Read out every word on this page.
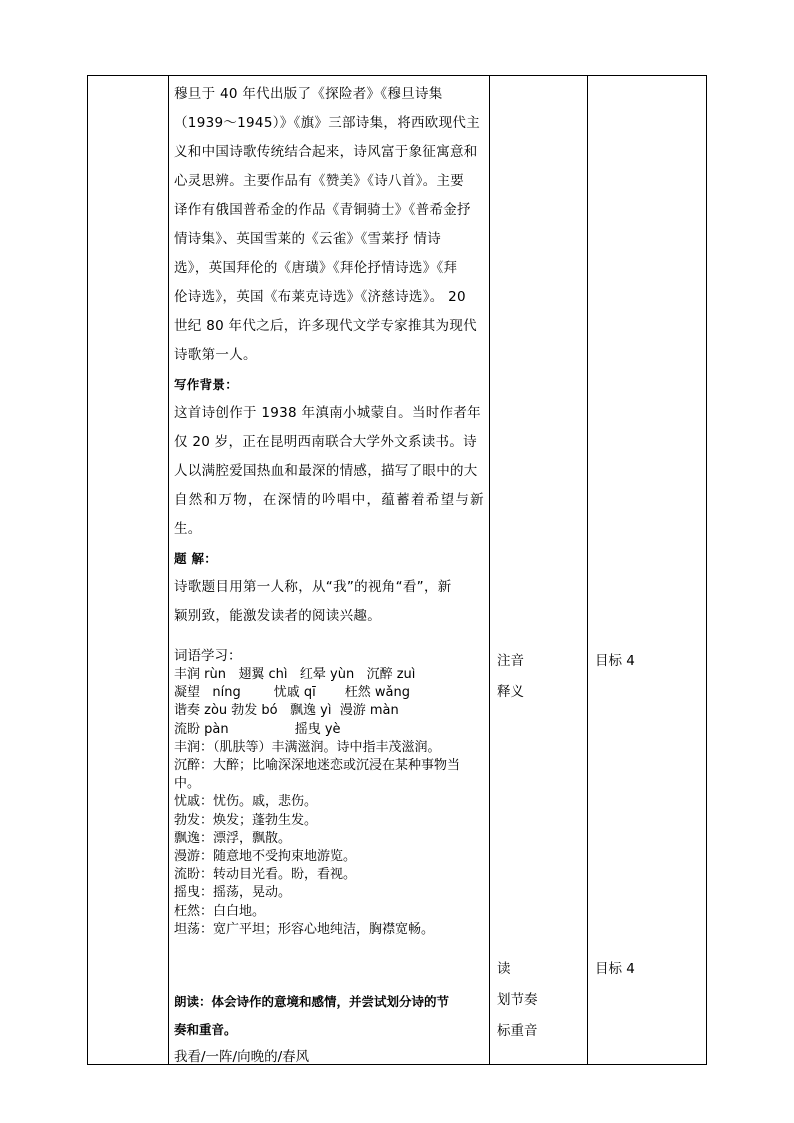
穆旦于 40 年代出版了《探险者》《穆旦诗集
（1939～1945）》《旗》三部诗集，将西欧现代主
义和中国诗歌传统结合起来，诗风富于象征寓意和
心灵思辨。主要作品有《赞美》《诗八首》。主要
译作有俄国普希金的作品《青铜骑士》《普希金抒
情诗集》、英国雪莱的《云雀》《雪莱抒 情诗
选》，英国拜伦的《唐璜》《拜伦抒情诗选》《拜
伦诗选》，英国《布莱克诗选》《济慈诗选》。 20
世纪 80 年代之后，许多现代文学专家推其为现代
诗歌第一人。
写作背景：
这首诗创作于 1938 年滇南小城蒙自。当时作者年
仅 20 岁，正在昆明西南联合大学外文系读书。诗
人以满腔爱国热血和最深的情感，描写了眼中的大
自然和万物，在深情的吟唱中，蕴蓄着希望与新生。
题 解：
诗歌题目用第一人称，从“我”的视角“看”，新
颖别致，能激发读者的阅读兴趣。
词语学习：
丰润 rùn   翅翼 chì   红晕 yùn   沉醉 zuì
凝望   níng        忧戚 qī       枉然 wǎng
谐奏 zòu 勃发 bó   飘逸 yì  漫游 màn
流盼 pàn                摇曳 yè
丰润：（肌肤等）丰满滋润。诗中指丰茂滋润。
沉醉：大醉；比喻深深地迷恋或沉浸在某种事物当
中。
忧戚：忧伤。戚，悲伤。
勃发：焕发；蓬勃生发。
飘逸：漂浮，飘散。
漫游：随意地不受拘束地游览。
流盼：转动目光看。盼，看视。
摇曳：摇荡，晃动。
枉然：白白地。
坦荡：宽广平坦；形容心地纯洁，胸襟宽畅。
朗读：体会诗作的意境和感情，并尝试划分诗的节
奏和重音。
我看/一阵/向晚的/春风
注音
释义
读
划节奏
标重音
目标 4
目标 4
